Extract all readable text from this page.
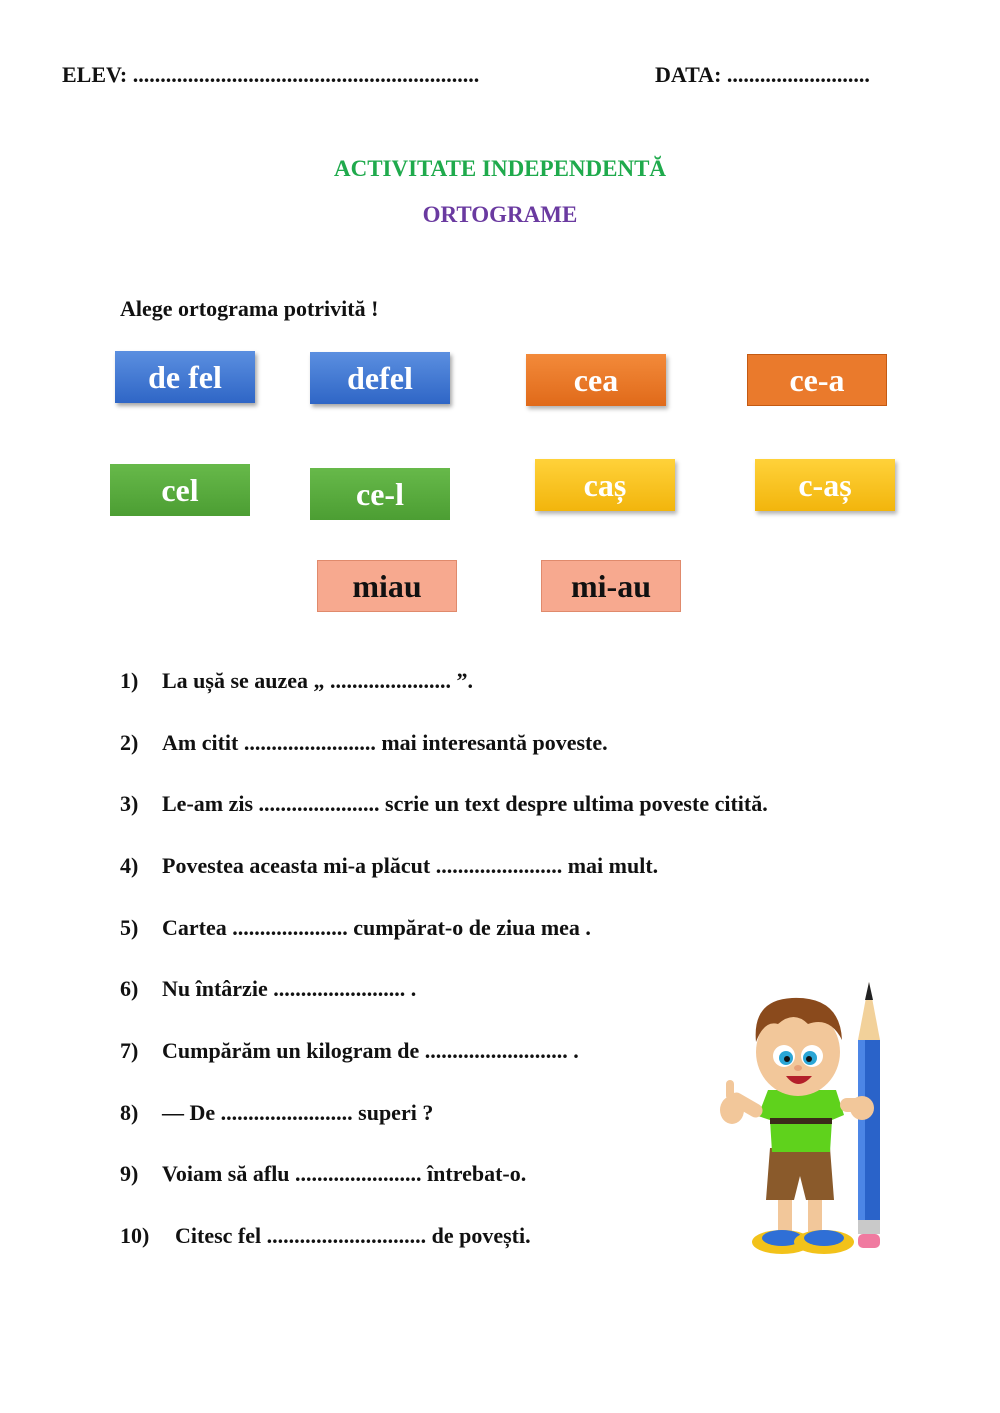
ELEV: ...............................................................	DATA: ..........................
ACTIVITATE INDEPENDENTĂ
ORTOGRAME
Alege ortograma potrivită !
de fel	defel	cea	ce-a
cel	ce-l	caș	c-aș
miau	mi-au
1) La ușă se auzea „ ...................... ”.
2) Am citit ........................ mai interesantă poveste.
3) Le-am zis ...................... scrie un text despre ultima poveste citită.
4) Povestea aceasta mi-a plăcut ....................... mai mult.
5) Cartea ..................... cumpărat-o de ziua mea .
6) Nu întârzie ........................ .
7) Cumpărăm un kilogram de .......................... .
8) — De ........................ superi ?
9) Voiam să aflu ....................... întrebat-o.
10) Citesc fel ............................. de povești.
